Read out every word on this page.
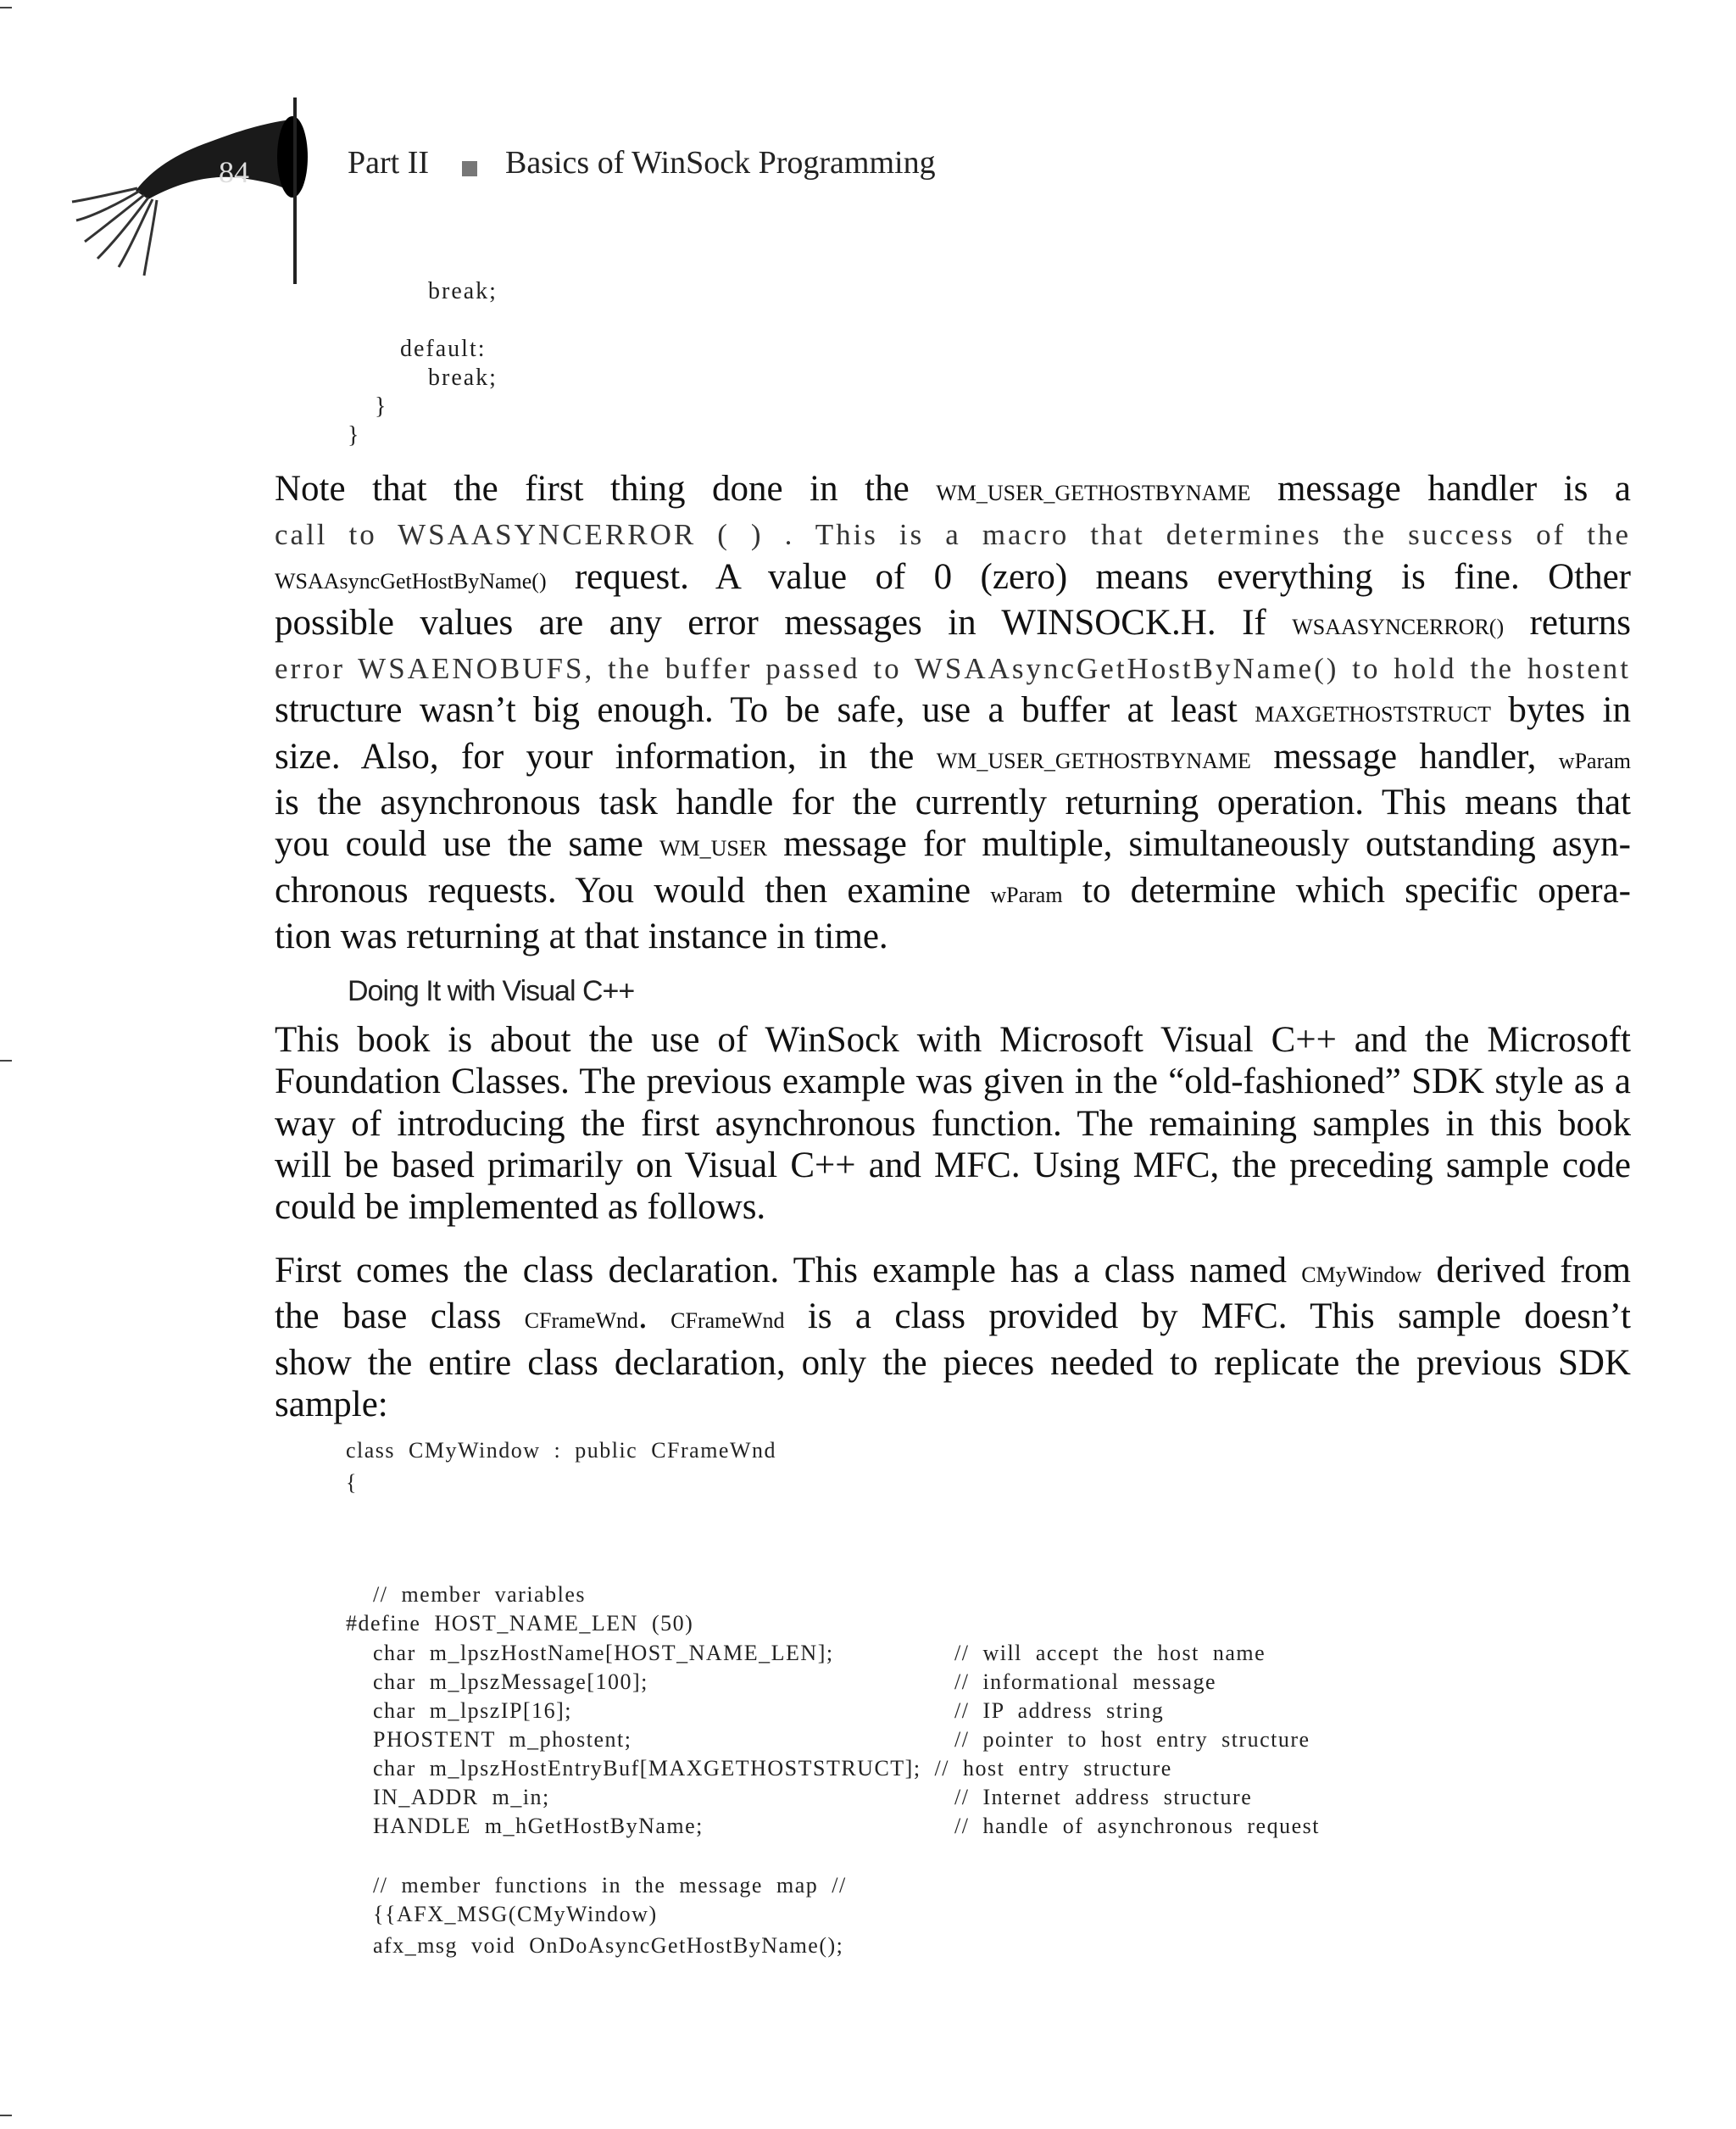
84	Part II Basics of WinSock Programming
break;
default:
break;
}
}
Note that the first thing done in the WM_USER_GETHOSTBYNAME message handler is a
call to WSAASYNCERROR ( ) . This is a macro that determines the success of the
WSAAsyncGetHostByName() request. A value of 0 (zero) means everything is fine. Other
possible values are any error messages in WINSOCK.H. If WSAASYNCERROR() returns
error WSAENOBUFS, the buffer passed to WSAAsyncGetHostByName() to hold the hostent
structure wasn’t big enough. To be safe, use a buffer at least MAXGETHOSTSTRUCT bytes in
size. Also, for your information, in the WM_USER_GETHOSTBYNAME message handler, wParam
is the asynchronous task handle for the currently returning operation. This means that
you could use the same WM_USER message for multiple, simultaneously outstanding asyn-
chronous requests. You would then examine wParam to determine which specific opera-
tion was returning at that instance in time.
Doing It with Visual C++
This book is about the use of WinSock with Microsoft Visual C++ and the Microsoft
Foundation Classes. The previous example was given in the “old-fashioned” SDK style as a
way of introducing the first asynchronous function. The remaining samples in this book
will be based primarily on Visual C++ and MFC. Using MFC, the preceding sample code
could be implemented as follows.
First comes the class declaration. This example has a class named CMyWindow derived from
the base class CFrameWnd. CFrameWnd is a class provided by MFC. This sample doesn’t
show the entire class declaration, only the pieces needed to replicate the previous SDK
sample:
class  CMyWindow  :  public  CFrameWnd
{
//  member  variables
#define  HOST_NAME_LEN  (50)
char  m_lpszHostName[HOST_NAME_LEN];	//  will  accept  the  host  name
char  m_lpszMessage[100];	//  informational  message
char  m_lpszIP[16];	//  IP  address  string
PHOSTENT  m_phostent;	//  pointer  to  host  entry  structure
char  m_lpszHostEntryBuf[MAXGETHOSTSTRUCT];  //  host  entry  structure
IN_ADDR  m_in;	//  Internet  address  structure
HANDLE  m_hGetHostByName;	//  handle  of  asynchronous  request
//  member  functions  in  the  message  map  //
{{AFX_MSG(CMyWindow)
afx_msg  void  OnDoAsyncGetHostByName();
